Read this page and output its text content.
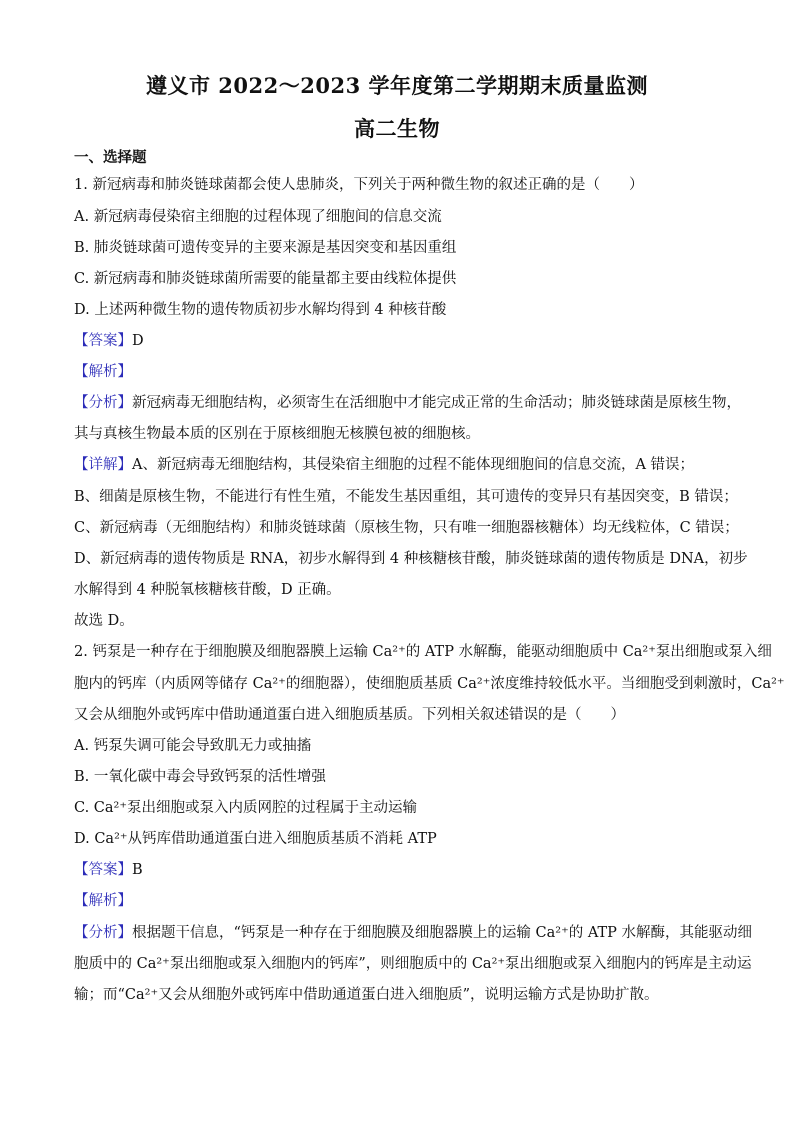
遵义市 2022～2023 学年度第二学期期末质量监测
高二生物
一、选择题
1. 新冠病毒和肺炎链球菌都会使人患肺炎，下列关于两种微生物的叙述正确的是（　　）
A. 新冠病毒侵染宿主细胞的过程体现了细胞间的信息交流
B. 肺炎链球菌可遗传变异的主要来源是基因突变和基因重组
C. 新冠病毒和肺炎链球菌所需要的能量都主要由线粒体提供
D. 上述两种微生物的遗传物质初步水解均得到 4 种核苷酸
【答案】D
【解析】
【分析】新冠病毒无细胞结构，必须寄生在活细胞中才能完成正常的生命活动；肺炎链球菌是原核生物，
其与真核生物最本质的区别在于原核细胞无核膜包被的细胞核。
【详解】A、新冠病毒无细胞结构，其侵染宿主细胞的过程不能体现细胞间的信息交流，A 错误；
B、细菌是原核生物，不能进行有性生殖，不能发生基因重组，其可遗传的变异只有基因突变，B 错误；
C、新冠病毒（无细胞结构）和肺炎链球菌（原核生物，只有唯一细胞器核糖体）均无线粒体，C 错误；
D、新冠病毒的遗传物质是 RNA，初步水解得到 4 种核糖核苷酸，肺炎链球菌的遗传物质是 DNA，初步
水解得到 4 种脱氧核糖核苷酸，D 正确。
故选 D。
2. 钙泵是一种存在于细胞膜及细胞器膜上运输 Ca²⁺的 ATP 水解酶，能驱动细胞质中 Ca²⁺泵出细胞或泵入细
胞内的钙库（内质网等储存 Ca²⁺的细胞器），使细胞质基质 Ca²⁺浓度维持较低水平。当细胞受到刺激时，Ca²⁺
又会从细胞外或钙库中借助通道蛋白进入细胞质基质。下列相关叙述错误的是（　　）
A. 钙泵失调可能会导致肌无力或抽搐
B. 一氧化碳中毒会导致钙泵的活性增强
C. Ca²⁺泵出细胞或泵入内质网腔的过程属于主动运输
D. Ca²⁺从钙库借助通道蛋白进入细胞质基质不消耗 ATP
【答案】B
【解析】
【分析】根据题干信息，“钙泵是一种存在于细胞膜及细胞器膜上的运输 Ca²⁺的 ATP 水解酶，其能驱动细
胞质中的 Ca²⁺泵出细胞或泵入细胞内的钙库”，则细胞质中的 Ca²⁺泵出细胞或泵入细胞内的钙库是主动运
输；而“Ca²⁺又会从细胞外或钙库中借助通道蛋白进入细胞质”，说明运输方式是协助扩散。
